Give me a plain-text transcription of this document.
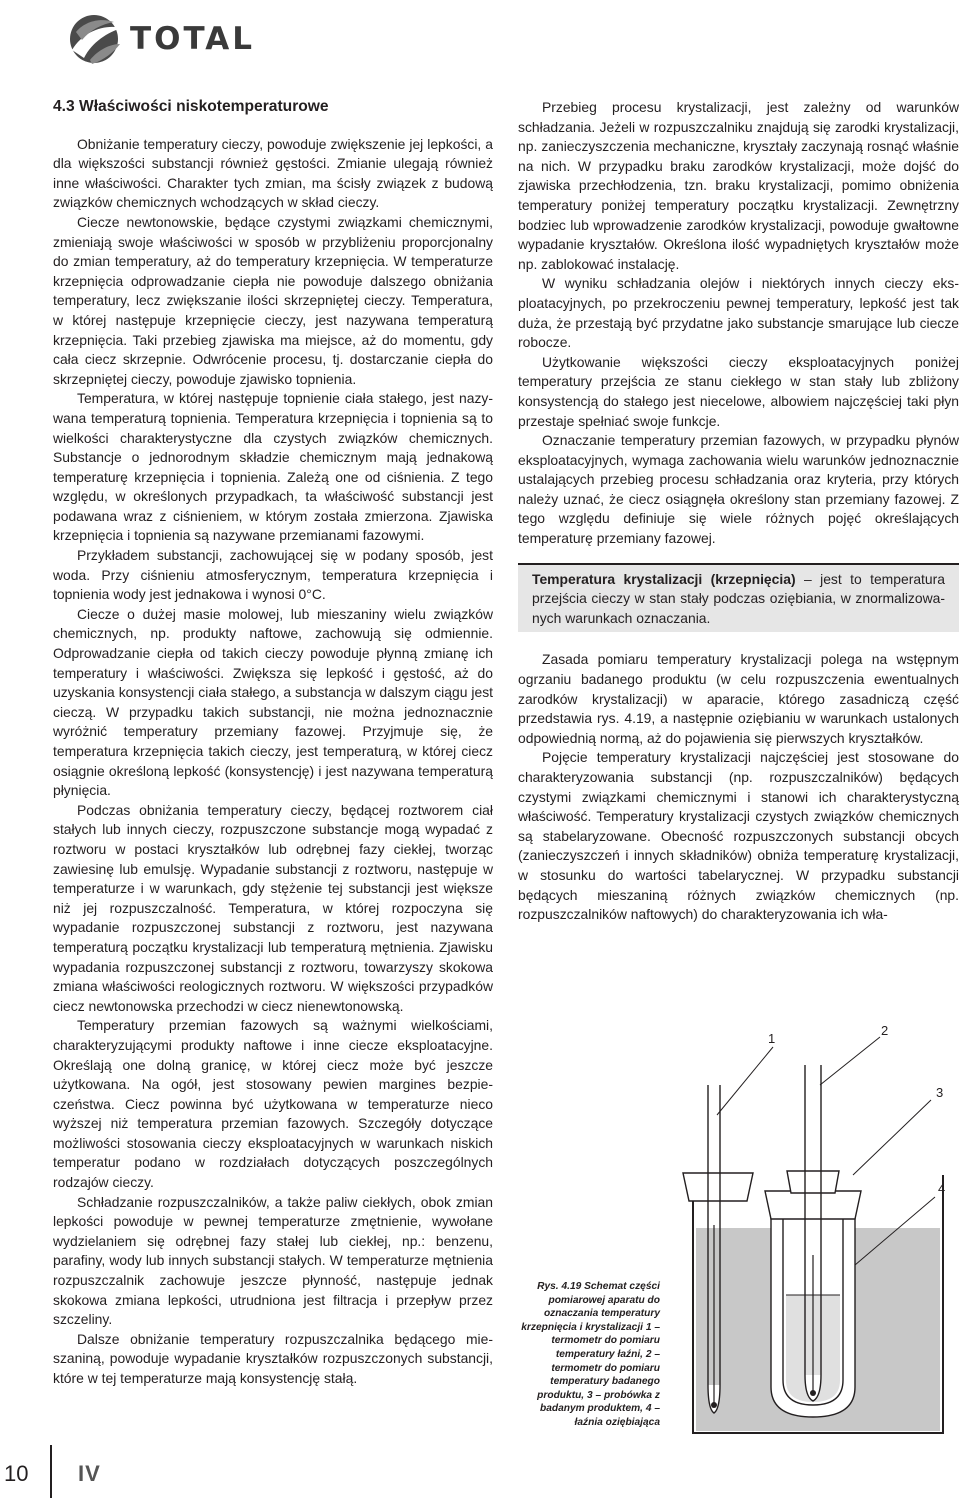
TOTAL
4.3 Właściwości niskotemperaturowe

Obniżanie temperatury cieczy, powoduje zwiększenie jej lepkości, a dla większości substancji również gęstości. Zmianie ulegają również inne właściwości. Charakter tych zmian, ma ścisły związek z budową związków chemicznych wchodzących w skład cieczy.

Ciecze newtonowskie, będące czystymi związkami chemicznymi, zmieniają swoje właściwości w sposób w przybliżeniu proporcjonalny do zmian temperatury, aż do temperatury krzepnięcia. W temperaturze krzepnięcia odprowadzanie ciepła nie powoduje dalszego obniżania temperatury, lecz zwiększanie ilości skrzepniętej cieczy. Temperatura, w której następuje krzepnięcie cieczy, jest nazywana temperaturą krzepnięcia. Taki przebieg zjawiska ma miejsce, aż do momentu, gdy cała ciecz skrzepnie. Odwrócenie procesu, tj. dostarczanie ciepła do skrzepniętej cieczy, powoduje zjawisko topnienia.

Temperatura, w której następuje topnienie ciała stałego, jest nazywana temperaturą topnienia. Temperatura krzepnięcia i topnienia są to wielkości charakterystyczne dla czystych związków chemicznych. Substancje o jednorodnym składzie chemicznym mają jednakową temperaturę krzepnięcia i topnienia. Zależą one od ciśnienia. Z tego względu, w określonych przypadkach, ta właściwość substancji jest podawana wraz z ciśnieniem, w którym została zmierzona. Zjawiska krzepnięcia i topnienia są nazywane przemianami fazowymi.

Przykładem substancji, zachowującej się w podany sposób, jest woda. Przy ciśnieniu atmosferycznym, temperatura krzepnięcia i topnienia wody jest jednakowa i wynosi 0°C.

Ciecze o dużej masie molowej, lub mieszaniny wielu związków chemicznych, np. produkty naftowe, zachowują się odmiennie. Odprowadzanie ciepła od takich cieczy powoduje płynną zmianę ich temperatury i właściwości. Zwiększa się lepkość i gęstość, aż do uzyskania konsystencji ciała stałego, a substancja w dalszym ciągu jest cieczą. W przypadku takich substancji, nie można jednoznacznie wyróżnić temperatury przemiany fazowej. Przyjmuje się, że temperatura krzepnięcia takich cieczy, jest temperaturą, w której ciecz osiągnie określoną lepkość (konsystencję) i jest nazywana temperaturą płynięcia.

Podczas obniżania temperatury cieczy, będącej roztworem ciał stałych lub innych cieczy, rozpuszczone substancje mogą wypadać z roztworu w postaci kryształków lub odrębnej fazy ciekłej, tworząc zawiesinę lub emulsję. Wypadanie substancji z roztworu, następuje w temperaturze i w warunkach, gdy stężenie tej substancji jest większe niż jej rozpuszczalność. Temperatura, w której rozpoczyna się wypadanie rozpuszczonej substancji z roztworu, jest nazywana temperaturą początku krystalizacji lub temperaturą mętnienia. Zjawisku wypadania rozpuszczonej substancji z roztworu, towarzyszy skokowa zmiana właściwości reologicznych roztworu. W większości przypadków ciecz newtonowska przechodzi w ciecz nienewtonowską.

Temperatury przemian fazowych są ważnymi wielkościami, charakteryzującymi produkty naftowe i inne ciecze eksploatacyjne. Określają one dolną granicę, w której ciecz może być jeszcze użytkowana. Na ogół, jest stosowany pewien margines bezpieczeństwa. Ciecz powinna być użytkowana w temperaturze nieco wyższej niż temperatura przemian fazowych. Szczegóły dotyczące możliwości stosowania cieczy eksploatacyjnych w warunkach niskich temperatur podano w rozdziałach dotyczących poszczególnych rodzajów cieczy.

Schładzanie rozpuszczalników, a także paliw ciekłych, obok zmian lepkości powoduje w pewnej temperaturze zmętnienie, wywołane wydzielaniem się odrębnej fazy stałej lub ciekłej, np.: benzenu, parafiny, wody lub innych substancji stałych. W temperaturze mętnienia rozpuszczalnik zachowuje jeszcze płynność, następuje jednak skokowa zmiana lepkości, utrudniona jest filtracja i przepływ przez szczeliny.

Dalsze obniżanie temperatury rozpuszczalnika będącego mieszaniną, powoduje wypadanie kryształków rozpuszczonych substancji, które w tej temperaturze mają konsystencję stałą.

Przebieg procesu krystalizacji, jest zależny od warunków schładzania. Jeżeli w rozpuszczalniku znajdują się zarodki krystalizacji, np. zanieczyszczenia mechaniczne, kryształy zaczynają rosnąć właśnie na nich. W przypadku braku zarodków krystalizacji, może dojść do zjawiska przechłodzenia, tzn. braku krystalizacji, pomimo obniżenia temperatury poniżej temperatury początku krystalizacji. Zewnętrzny bodziec lub wprowadzenie zarodków krystalizacji, powoduje gwałtowne wypadanie kryształów. Określona ilość wypadniętych kryształów może np. zablokować instalację.

W wyniku schładzania olejów i niektórych innych cieczy eksploatacyjnych, po przekroczeniu pewnej temperatury, lepkość jest tak duża, że przestają być przydatne jako substancje smarujące lub ciecze robocze.

Użytkowanie większości cieczy eksploatacyjnych poniżej temperatury przejścia ze stanu ciekłego w stan stały lub zbliżony konsystencją do stałego jest niecelowe, albowiem najczęściej taki płyn przestaje spełniać swoje funkcje.

Oznaczanie temperatury przemian fazowych, w przypadku płynów eksploatacyjnych, wymaga zachowania wielu warunków jednoznacznie ustalających przebieg procesu schładzania oraz kryteria, przy których należy uznać, że ciecz osiągnęła określony stan przemiany fazowej. Z tego względu definiuje się wiele różnych pojęć określających temperaturę przemiany fazowej.

Temperatura krystalizacji (krzepnięcia) – jest to temperatura przejścia cieczy w stan stały podczas oziębiania, w znormalizowanych warunkach oznaczania.

Zasada pomiaru temperatury krystalizacji polega na wstępnym ogrzaniu badanego produktu (w celu rozpuszczenia ewentualnych zarodków krystalizacji) w aparacie, którego zasadniczą część przedstawia rys. 4.19, a następnie oziębianiu w warunkach ustalonych odpowiednią normą, aż do pojawienia się pierwszych kryształków.

Pojęcie temperatury krystalizacji najczęściej jest stosowane do charakteryzowania substancji (np. rozpuszczalników) będących czystymi związkami chemicznymi i stanowi ich charakterystyczną właściwość. Temperatury krystalizacji czystych związków chemicznych są stabelaryzowane. Obecność rozpuszczonych substancji obcych (zanieczyszczeń i innych składników) obniża temperaturę krystalizacji, w stosunku do wartości tabelarycznej. W przypadku substancji będących mieszaniną różnych związków chemicznych (np. rozpuszczalników naftowych) do charakteryzowania ich wła-

1
2
3
4
Rys. 4.19 Schemat części pomiarowej aparatu do oznaczania temperatury krzepnięcia i krystalizacji 1 – termometr do pomiaru temperatury łaźni, 2 – termometr do pomiaru temperatury badanego produktu, 3 – probówka z badanym produktem, 4 – łaźnia oziębiająca
10 IV
